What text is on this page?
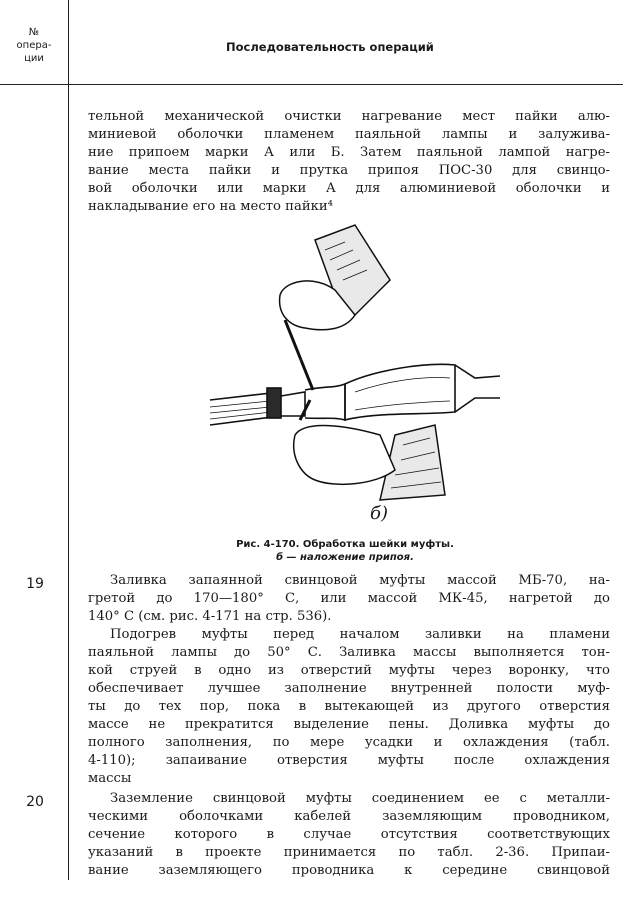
№
опера-
ции
Последовательность операций
тельной механической очистки нагревание мест пайки алю-
миниевой оболочки пламенем паяльной лампы и залужива-
ние припоем марки А или Б. Затем паяльной лампой нагре-
вание места пайки и прутка припоя ПОС-30 для свинцо-
вой оболочки или марки А для алюминиевой оболочки и
накладывание его на место пайки⁴
б)
Рис. 4-170. Обработка шейки муфты.
б — наложение припоя.
19	Заливка запаянной свинцовой муфты массой МБ-70, на-
гретой до 170—180° С, или массой МК-45, нагретой до
140° С (см. рис. 4-171 на стр. 536).
Подогрев муфты перед началом заливки на пламени
паяльной лампы до 50° С. Заливка массы выполняется тон-
кой струей в одно из отверстий муфты через воронку, что
обеспечивает лучшее заполнение внутренней полости муф-
ты до тех пор, пока в вытекающей из другого отверстия
массе не прекратится выделение пены. Доливка муфты до
полного заполнения, по мере усадки и охлаждения (табл.
4-110); запаивание отверстия муфты после охлаждения
массы
20	Заземление свинцовой муфты соединением ее с металли-
ческими оболочками кабелей заземляющим проводником,
сечение которого в случае отсутствия соответствующих
указаний в проекте принимается по табл. 2-36. Припаи-
вание заземляющего проводника к середине свинцовой
